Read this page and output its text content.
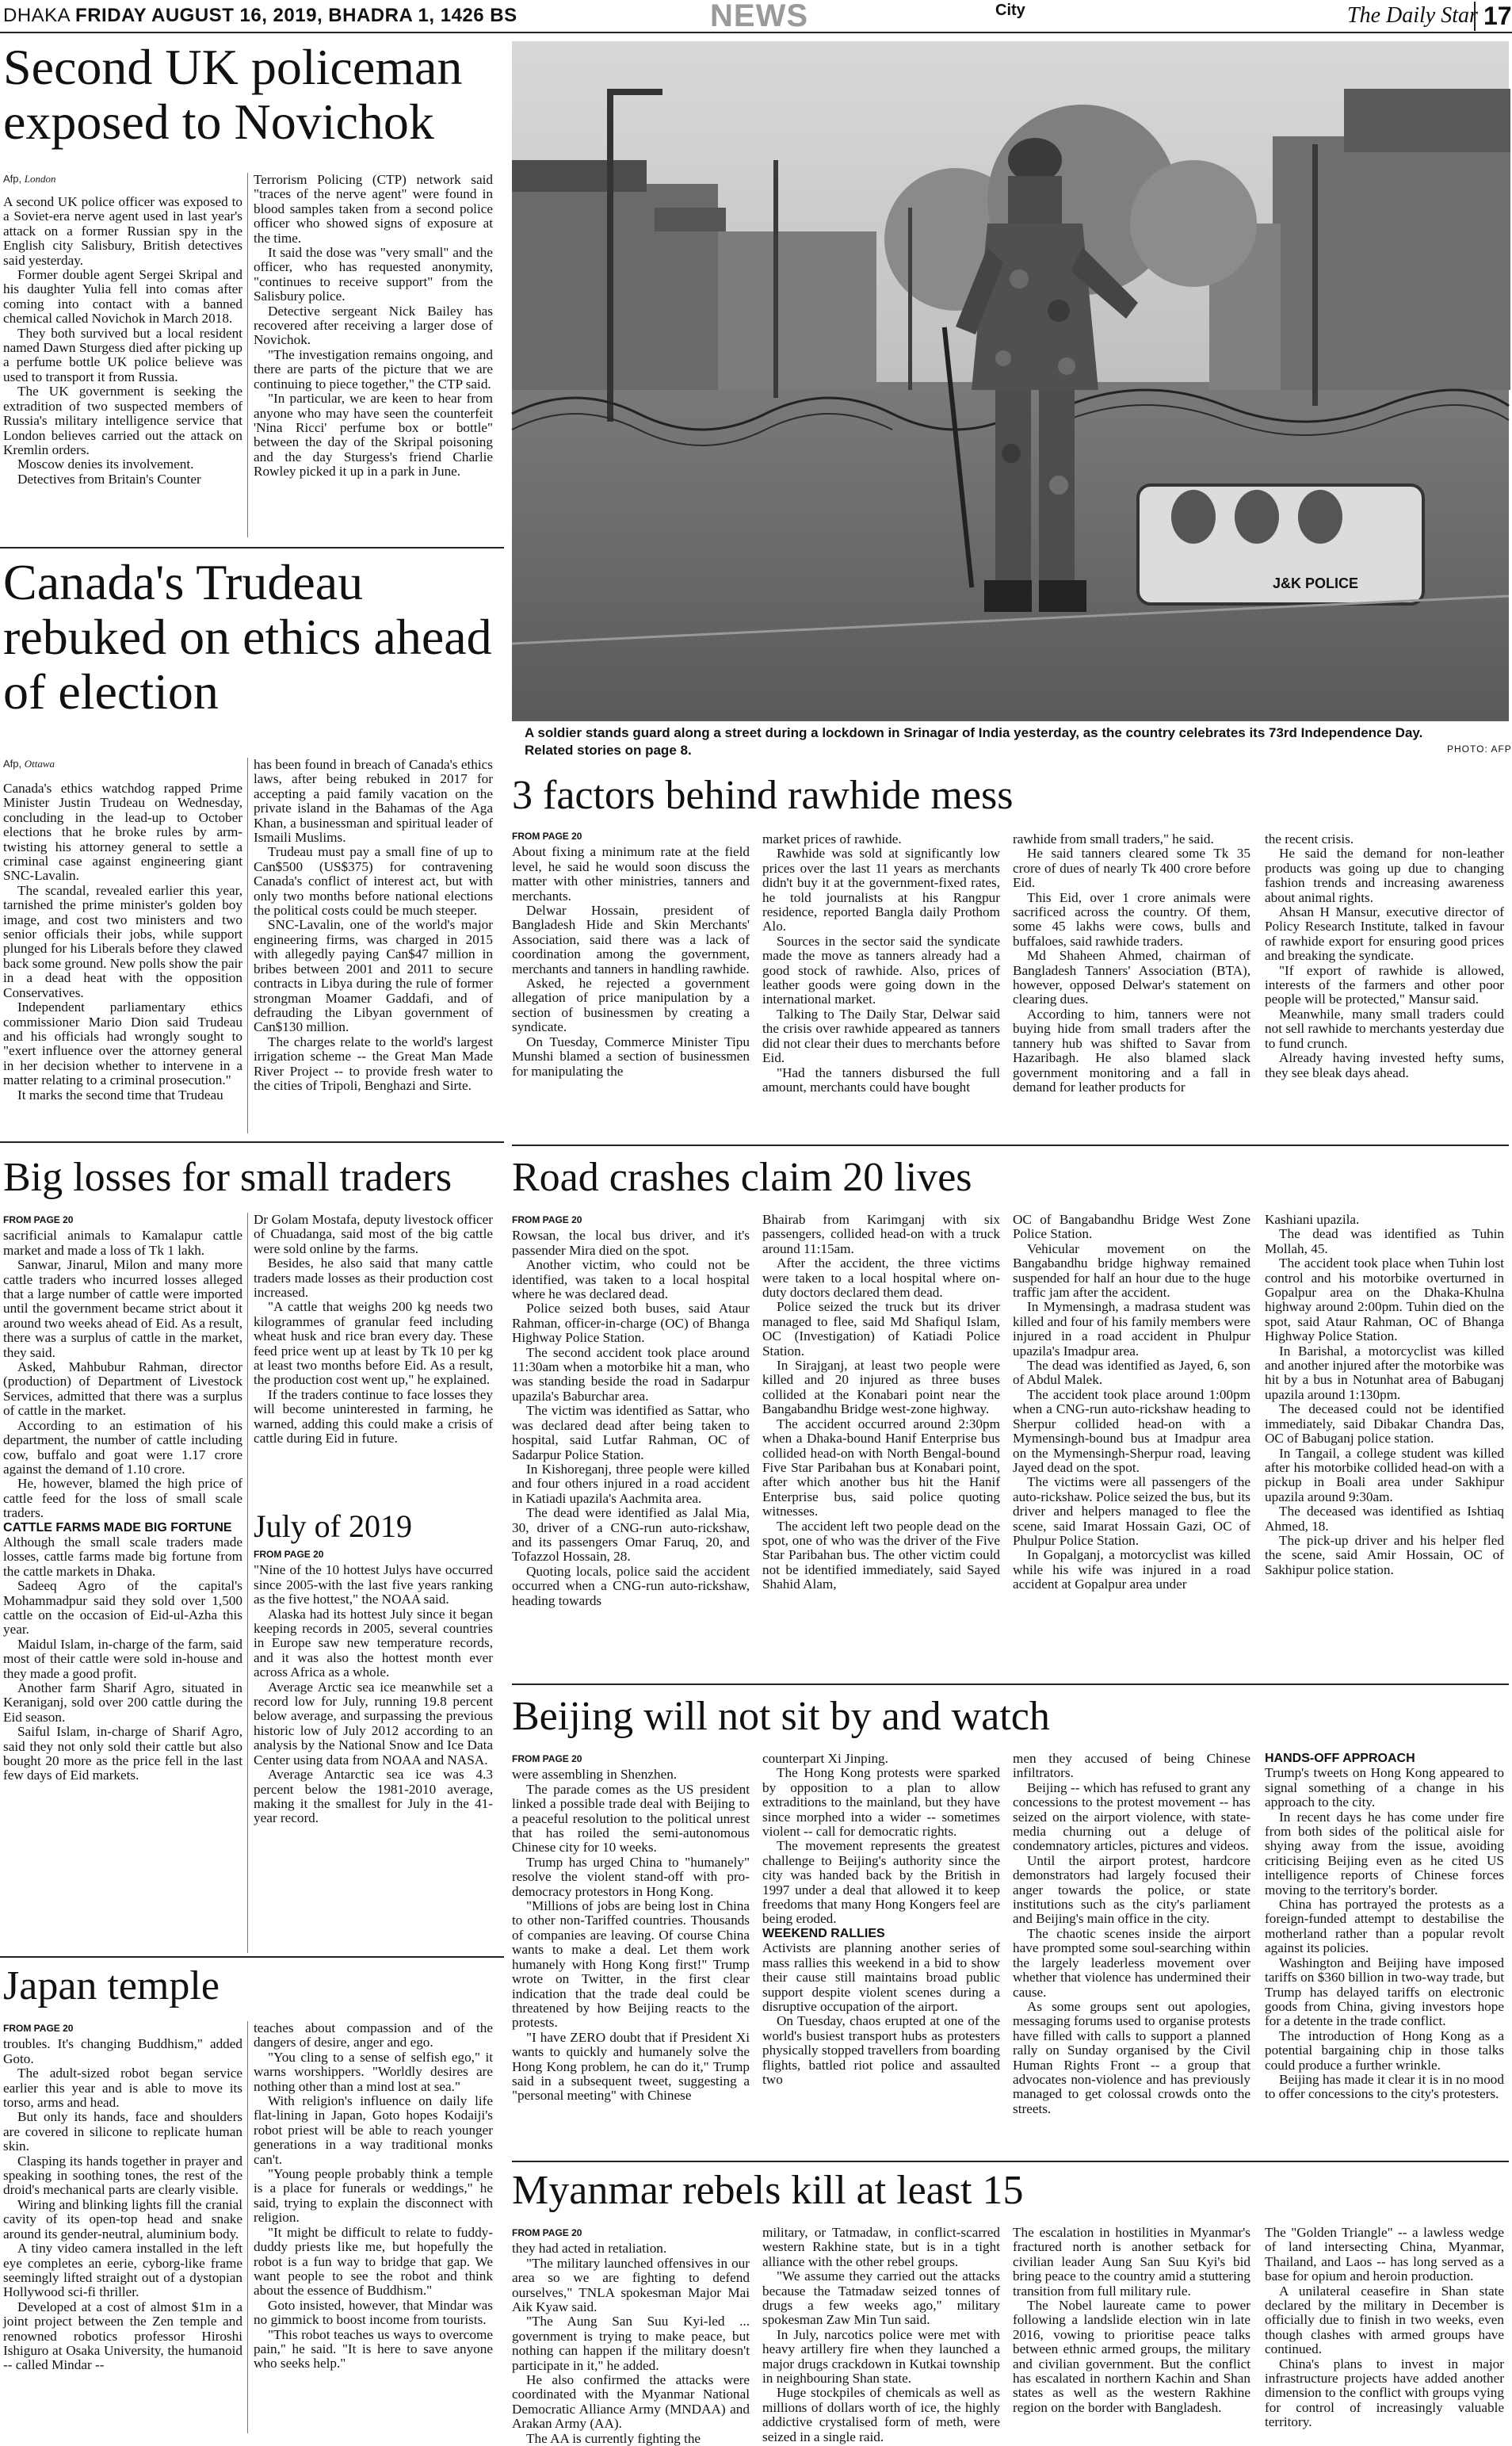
DHAKA FRIDAY AUGUST 16, 2019, BHADRA 1, 1426 BS	NEWS	City	The Daily Star 17
Second UK policeman exposed to Novichok
Afp, London

A second UK police officer was exposed to a Soviet-era nerve agent used in last year's attack on a former Russian spy in the English city Salisbury, British detectives said yesterday.

Former double agent Sergei Skripal and his daughter Yulia fell into comas after coming into contact with a banned chemical called Novichok in March 2018.

They both survived but a local resident named Dawn Sturgess died after picking up a perfume bottle UK police believe was used to transport it from Russia.

The UK government is seeking the extradition of two suspected members of Russia's military intelligence service that London believes carried out the attack on Kremlin orders.

Moscow denies its involvement.

Detectives from Britain's Counter

Terrorism Policing (CTP) network said "traces of the nerve agent" were found in blood samples taken from a second police officer who showed signs of exposure at the time.

It said the dose was "very small" and the officer, who has requested anonymity, "continues to receive support" from the Salisbury police.

Detective sergeant Nick Bailey has recovered after receiving a larger dose of Novichok.

"The investigation remains ongoing, and there are parts of the picture that we are continuing to piece together," the CTP said.

"In particular, we are keen to hear from anyone who may have seen the counterfeit 'Nina Ricci' perfume box or bottle" between the day of the Skripal poisoning and the day Sturgess's friend Charlie Rowley picked it up in a park in June.

J&K POLICE
A soldier stands guard along a street during a lockdown in Srinagar of India yesterday, as the country celebrates its 73rd Independence Day. Related stories on page 8.	PHOTO: AFP
Canada's Trudeau rebuked on ethics ahead of election
Afp, Ottawa

Canada's ethics watchdog rapped Prime Minister Justin Trudeau on Wednesday, concluding in the lead-up to October elections that he broke rules by arm-twisting his attorney general to settle a criminal case against engineering giant SNC-Lavalin.

The scandal, revealed earlier this year, tarnished the prime minister's golden boy image, and cost two ministers and two senior officials their jobs, while support plunged for his Liberals before they clawed back some ground. New polls show the pair in a dead heat with the opposition Conservatives.

Independent parliamentary ethics commissioner Mario Dion said Trudeau and his officials had wrongly sought to "exert influence over the attorney general in her decision whether to intervene in a matter relating to a criminal prosecution."

It marks the second time that Trudeau

has been found in breach of Canada's ethics laws, after being rebuked in 2017 for accepting a paid family vacation on the private island in the Bahamas of the Aga Khan, a businessman and spiritual leader of Ismaili Muslims.

Trudeau must pay a small fine of up to Can$500 (US$375) for contravening Canada's conflict of interest act, but with only two months before national elections the political costs could be much steeper.

SNC-Lavalin, one of the world's major engineering firms, was charged in 2015 with allegedly paying Can$47 million in bribes between 2001 and 2011 to secure contracts in Libya during the rule of former strongman Moamer Gaddafi, and of defrauding the Libyan government of Can$130 million.

The charges relate to the world's largest irrigation scheme -- the Great Man Made River Project -- to provide fresh water to the cities of Tripoli, Benghazi and Sirte.

3 factors behind rawhide mess
FROM PAGE 20

About fixing a minimum rate at the field level, he said he would soon discuss the matter with other ministries, tanners and merchants.

Delwar Hossain, president of Bangladesh Hide and Skin Merchants' Association, said there was a lack of coordination among the government, merchants and tanners in handling rawhide.

Asked, he rejected a government allegation of price manipulation by a section of businessmen by creating a syndicate.

On Tuesday, Commerce Minister Tipu Munshi blamed a section of businessmen for manipulating the

market prices of rawhide.

Rawhide was sold at significantly low prices over the last 11 years as merchants didn't buy it at the government-fixed rates, he told journalists at his Rangpur residence, reported Bangla daily Prothom Alo.

Sources in the sector said the syndicate made the move as tanners already had a good stock of rawhide. Also, prices of leather goods were going down in the international market.

Talking to The Daily Star, Delwar said the crisis over rawhide appeared as tanners did not clear their dues to merchants before Eid.

"Had the tanners disbursed the full amount, merchants could have bought

rawhide from small traders," he said.

He said tanners cleared some Tk 35 crore of dues of nearly Tk 400 crore before Eid.

This Eid, over 1 crore animals were sacrificed across the country. Of them, some 45 lakhs were cows, bulls and buffaloes, said rawhide traders.

Md Shaheen Ahmed, chairman of Bangladesh Tanners' Association (BTA), however, opposed Delwar's statement on clearing dues.

According to him, tanners were not buying hide from small traders after the tannery hub was shifted to Savar from Hazaribagh. He also blamed slack government monitoring and a fall in demand for leather products for

the recent crisis.

He said the demand for non-leather products was going up due to changing fashion trends and increasing awareness about animal rights.

Ahsan H Mansur, executive director of Policy Research Institute, talked in favour of rawhide export for ensuring good prices and breaking the syndicate.

"If export of rawhide is allowed, interests of the farmers and other poor people will be protected," Mansur said.

Meanwhile, many small traders could not sell rawhide to merchants yesterday due to fund crunch.

Already having invested hefty sums, they see bleak days ahead.

Big losses for small traders
FROM PAGE 20

sacrificial animals to Kamalapur cattle market and made a loss of Tk 1 lakh.

Sanwar, Jinarul, Milon and many more cattle traders who incurred losses alleged that a large number of cattle were imported until the government became strict about it around two weeks ahead of Eid. As a result, there was a surplus of cattle in the market, they said.

Asked, Mahbubur Rahman, director (production) of Department of Livestock Services, admitted that there was a surplus of cattle in the market.

According to an estimation of his department, the number of cattle including cow, buffalo and goat were 1.17 crore against the demand of 1.10 crore.

He, however, blamed the high price of cattle feed for the loss of small scale traders.

CATTLE FARMS MADE BIG FORTUNE

Although the small scale traders made losses, cattle farms made big fortune from the cattle markets in Dhaka.

Sadeeq Agro of the capital's Mohammadpur said they sold over 1,500 cattle on the occasion of Eid-ul-Azha this year.

Maidul Islam, in-charge of the farm, said most of their cattle were sold in-house and they made a good profit.

Another farm Sharif Agro, situated in Keraniganj, sold over 200 cattle during the Eid season.

Saiful Islam, in-charge of Sharif Agro, said they not only sold their cattle but also bought 20 more as the price fell in the last few days of Eid markets.

Dr Golam Mostafa, deputy livestock officer of Chuadanga, said most of the big cattle were sold online by the farms.

Besides, he also said that many cattle traders made losses as their production cost increased.

"A cattle that weighs 200 kg needs two kilogrammes of granular feed including wheat husk and rice bran every day. These feed price went up at least by Tk 10 per kg at least two months before Eid. As a result, the production cost went up," he explained.

If the traders continue to face losses they will become uninterested in farming, he warned, adding this could make a crisis of cattle during Eid in future.

July of 2019
FROM PAGE 20

"Nine of the 10 hottest Julys have occurred since 2005-with the last five years ranking as the five hottest," the NOAA said.

Alaska had its hottest July since it began keeping records in 2005, several countries in Europe saw new temperature records, and it was also the hottest month ever across Africa as a whole.

Average Arctic sea ice meanwhile set a record low for July, running 19.8 percent below average, and surpassing the previous historic low of July 2012 according to an analysis by the National Snow and Ice Data Center using data from NOAA and NASA.

Average Antarctic sea ice was 4.3 percent below the 1981-2010 average, making it the smallest for July in the 41-year record.

Road crashes claim 20 lives
FROM PAGE 20

Rowsan, the local bus driver, and it's passender Mira died on the spot.

Another victim, who could not be identified, was taken to a local hospital where he was declared dead.

Police seized both buses, said Ataur Rahman, officer-in-charge (OC) of Bhanga Highway Police Station.

The second accident took place around 11:30am when a motorbike hit a man, who was standing beside the road in Sadarpur upazila's Baburchar area.

The victim was identified as Sattar, who was declared dead after being taken to hospital, said Lutfar Rahman, OC of Sadarpur Police Station.

In Kishoreganj, three people were killed and four others injured in a road accident in Katiadi upazila's Aachmita area.

The dead were identified as Jalal Mia, 30, driver of a CNG-run auto-rickshaw, and its passengers Omar Faruq, 20, and Tofazzol Hossain, 28.

Quoting locals, police said the accident occurred when a CNG-run auto-rickshaw, heading towards

Bhairab from Karimganj with six passengers, collided head-on with a truck around 11:15am.

After the accident, the three victims were taken to a local hospital where on-duty doctors declared them dead.

Police seized the truck but its driver managed to flee, said Md Shafiqul Islam, OC (Investigation) of Katiadi Police Station.

In Sirajganj, at least two people were killed and 20 injured as three buses collided at the Konabari point near the Bangabandhu Bridge west-zone highway.

The accident occurred around 2:30pm when a Dhaka-bound Hanif Enterprise bus collided head-on with North Bengal-bound Five Star Paribahan bus at Konabari point, after which another bus hit the Hanif Enterprise bus, said police quoting witnesses.

The accident left two people dead on the spot, one of who was the driver of the Five Star Paribahan bus. The other victim could not be identified immediately, said Sayed Shahid Alam,

OC of Bangabandhu Bridge West Zone Police Station.

Vehicular movement on the Bangabandhu bridge highway remained suspended for half an hour due to the huge traffic jam after the accident.

In Mymensingh, a madrasa student was killed and four of his family members were injured in a road accident in Phulpur upazila's Imadpur area.

The dead was identified as Jayed, 6, son of Abdul Malek.

The accident took place around 1:00pm when a CNG-run auto-rickshaw heading to Sherpur collided head-on with a Mymensingh-bound bus at Imadpur area on the Mymensingh-Sherpur road, leaving Jayed dead on the spot.

The victims were all passengers of the auto-rickshaw. Police seized the bus, but its driver and helpers managed to flee the scene, said Imarat Hossain Gazi, OC of Phulpur Police Station.

In Gopalganj, a motorcyclist was killed while his wife was injured in a road accident at Gopalpur area under

Kashiani upazila.

The dead was identified as Tuhin Mollah, 45.

The accident took place when Tuhin lost control and his motorbike overturned in Gopalpur area on the Dhaka-Khulna highway around 2:00pm. Tuhin died on the spot, said Ataur Rahman, OC of Bhanga Highway Police Station.

In Barishal, a motorcyclist was killed and another injured after the motorbike was hit by a bus in Notunhat area of Babuganj upazila around 1:130pm.

The deceased could not be identified immediately, said Dibakar Chandra Das, OC of Babuganj police station.

In Tangail, a college student was killed after his motorbike collided head-on with a pickup in Boali area under Sakhipur upazila around 9:30am.

The deceased was identified as Ishtiaq Ahmed, 18.

The pick-up driver and his helper fled the scene, said Amir Hossain, OC of Sakhipur police station.

Beijing will not sit by and watch
FROM PAGE 20

were assembling in Shenzhen.

The parade comes as the US president linked a possible trade deal with Beijing to a peaceful resolution to the political unrest that has roiled the semi-autonomous Chinese city for 10 weeks.

Trump has urged China to "humanely" resolve the violent stand-off with pro-democracy protestors in Hong Kong.

"Millions of jobs are being lost in China to other non-Tariffed countries. Thousands of companies are leaving. Of course China wants to make a deal. Let them work humanely with Hong Kong first!" Trump wrote on Twitter, in the first clear indication that the trade deal could be threatened by how Beijing reacts to the protests.

"I have ZERO doubt that if President Xi wants to quickly and humanely solve the Hong Kong problem, he can do it," Trump said in a subsequent tweet, suggesting a "personal meeting" with Chinese

counterpart Xi Jinping.

The Hong Kong protests were sparked by opposition to a plan to allow extraditions to the mainland, but they have since morphed into a wider -- sometimes violent -- call for democratic rights.

The movement represents the greatest challenge to Beijing's authority since the city was handed back by the British in 1997 under a deal that allowed it to keep freedoms that many Hong Kongers feel are being eroded.

WEEKEND RALLIES

Activists are planning another series of mass rallies this weekend in a bid to show their cause still maintains broad public support despite violent scenes during a disruptive occupation of the airport.

On Tuesday, chaos erupted at one of the world's busiest transport hubs as protesters physically stopped travellers from boarding flights, battled riot police and assaulted two

men they accused of being Chinese infiltrators.

Beijing -- which has refused to grant any concessions to the protest movement -- has seized on the airport violence, with state-media churning out a deluge of condemnatory articles, pictures and videos.

Until the airport protest, hardcore demonstrators had largely focused their anger towards the police, or state institutions such as the city's parliament and Beijing's main office in the city.

The chaotic scenes inside the airport have prompted some soul-searching within the largely leaderless movement over whether that violence has undermined their cause.

As some groups sent out apologies, messaging forums used to organise protests have filled with calls to support a planned rally on Sunday organised by the Civil Human Rights Front -- a group that advocates non-violence and has previously managed to get colossal crowds onto the streets.

HANDS-OFF APPROACH

Trump's tweets on Hong Kong appeared to signal something of a change in his approach to the city.

In recent days he has come under fire from both sides of the political aisle for shying away from the issue, avoiding criticising Beijing even as he cited US intelligence reports of Chinese forces moving to the territory's border.

China has portrayed the protests as a foreign-funded attempt to destabilise the motherland rather than a popular revolt against its policies.

Washington and Beijing have imposed tariffs on $360 billion in two-way trade, but Trump has delayed tariffs on electronic goods from China, giving investors hope for a detente in the trade conflict.

The introduction of Hong Kong as a potential bargaining chip in those talks could produce a further wrinkle.

Beijing has made it clear it is in no mood to offer concessions to the city's protesters.

Japan temple
FROM PAGE 20

troubles. It's changing Buddhism," added Goto.

The adult-sized robot began service earlier this year and is able to move its torso, arms and head.

But only its hands, face and shoulders are covered in silicone to replicate human skin.

Clasping its hands together in prayer and speaking in soothing tones, the rest of the droid's mechanical parts are clearly visible.

Wiring and blinking lights fill the cranial cavity of its open-top head and snake around its gender-neutral, aluminium body.

A tiny video camera installed in the left eye completes an eerie, cyborg-like frame seemingly lifted straight out of a dystopian Hollywood sci-fi thriller.

Developed at a cost of almost $1m in a joint project between the Zen temple and renowned robotics professor Hiroshi Ishiguro at Osaka University, the humanoid -- called Mindar --

teaches about compassion and of the dangers of desire, anger and ego.

"You cling to a sense of selfish ego," it warns worshippers. "Worldly desires are nothing other than a mind lost at sea."

With religion's influence on daily life flat-lining in Japan, Goto hopes Kodaiji's robot priest will be able to reach younger generations in a way traditional monks can't.

"Young people probably think a temple is a place for funerals or weddings," he said, trying to explain the disconnect with religion.

"It might be difficult to relate to fuddy-duddy priests like me, but hopefully the robot is a fun way to bridge that gap. We want people to see the robot and think about the essence of Buddhism."

Goto insisted, however, that Mindar was no gimmick to boost income from tourists.

"This robot teaches us ways to overcome pain," he said. "It is here to save anyone who seeks help."

Myanmar rebels kill at least 15
FROM PAGE 20

they had acted in retaliation.

"The military launched offensives in our area so we are fighting to defend ourselves," TNLA spokesman Major Mai Aik Kyaw said.

"The Aung San Suu Kyi-led ... government is trying to make peace, but nothing can happen if the military doesn't participate in it," he added.

He also confirmed the attacks were coordinated with the Myanmar National Democratic Alliance Army (MNDAA) and Arakan Army (AA).

The AA is currently fighting the

military, or Tatmadaw, in conflict-scarred western Rakhine state, but is in a tight alliance with the other rebel groups.

"We assume they carried out the attacks because the Tatmadaw seized tonnes of drugs a few weeks ago," military spokesman Zaw Min Tun said.

In July, narcotics police were met with heavy artillery fire when they launched a major drugs crackdown in Kutkai township in neighbouring Shan state.

Huge stockpiles of chemicals as well as millions of dollars worth of ice, the highly addictive crystalised form of meth, were seized in a single raid.

The escalation in hostilities in Myanmar's fractured north is another setback for civilian leader Aung San Suu Kyi's bid bring peace to the country amid a stuttering transition from full military rule.

The Nobel laureate came to power following a landslide election win in late 2016, vowing to prioritise peace talks between ethnic armed groups, the military and civilian government. But the conflict has escalated in northern Kachin and Shan states as well as the western Rakhine region on the border with Bangladesh.

The "Golden Triangle" -- a lawless wedge of land intersecting China, Myanmar, Thailand, and Laos -- has long served as a base for opium and heroin production.

A unilateral ceasefire in Shan state declared by the military in December is officially due to finish in two weeks, even though clashes with armed groups have continued.

China's plans to invest in major infrastructure projects have added another dimension to the conflict with groups vying for control of increasingly valuable territory.
